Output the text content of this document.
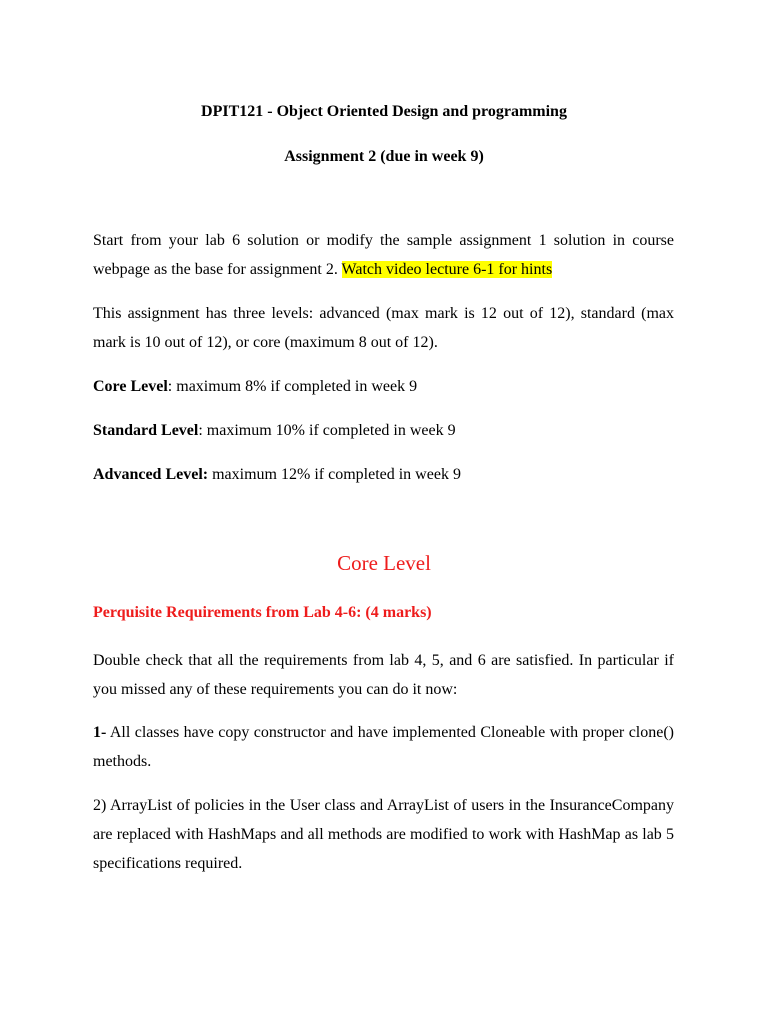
DPIT121 - Object Oriented Design and programming

Assignment 2 (due in week 9)

Start from your lab 6 solution or modify the sample assignment 1 solution in course webpage as the base for assignment 2. Watch video lecture 6-1 for hints

This assignment has three levels: advanced (max mark is 12 out of 12), standard (max mark is 10 out of 12), or core (maximum 8 out of 12).

Core Level: maximum 8% if completed in week 9

Standard Level: maximum 10% if completed in week 9

Advanced Level: maximum 12% if completed in week 9

Core Level

Perquisite Requirements from Lab 4-6: (4 marks)

Double check that all the requirements from lab 4, 5, and 6 are satisfied. In particular if you missed any of these requirements you can do it now:

1- All classes have copy constructor and have implemented Cloneable with proper clone() methods.

2) ArrayList of policies in the User class and ArrayList of users in the InsuranceCompany are replaced with HashMaps and all methods are modified to work with HashMap as lab 5 specifications required.
